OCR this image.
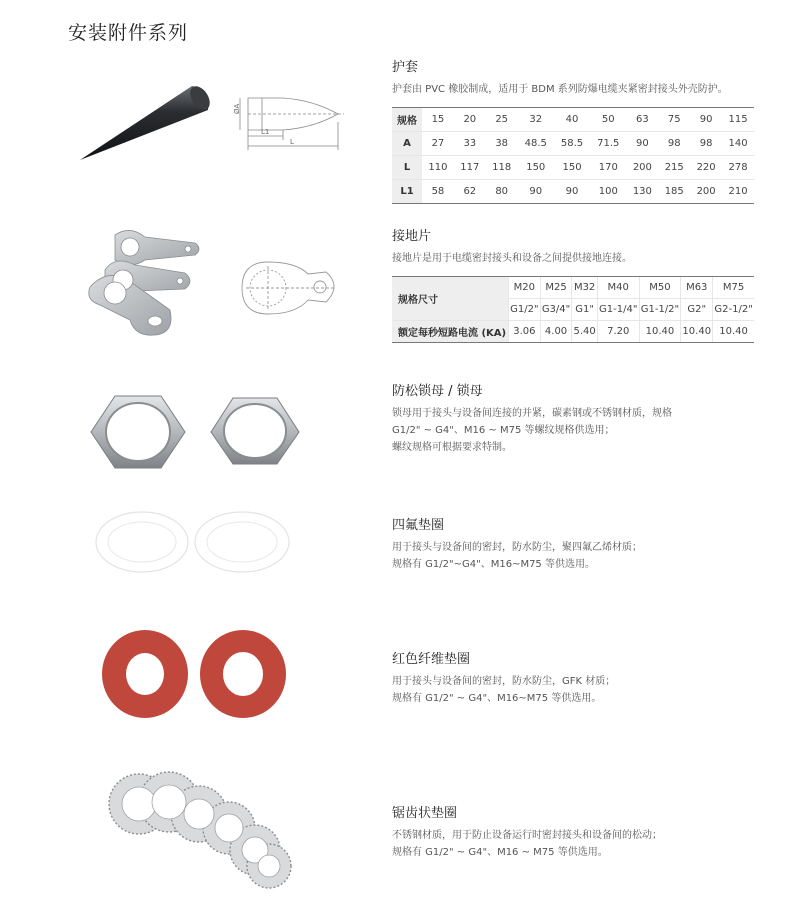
安装附件系列
ØA
L1
L
护套
护套由 PVC 橡胶制成，适用于 BDM 系列防爆电缆夹紧密封接头外壳防护。
规格	15	20	25	32	40	50	63	75	90	115
A	27	33	38	48.5	58.5	71.5	90	98	98	140
L	110	117	118	150	150	170	200	215	220	278
L1	58	62	80	90	90	100	130	185	200	210
接地片
接地片是用于电缆密封接头和设备之间提供接地连接。
规格尺寸	M20	M25	M32	M40	M50	M63	M75
	G1/2"	G3/4"	G1"	G1-1/4"	G1-1/2"	G2"	G2-1/2"
额定每秒短路电流 (KA)	3.06	4.00	5.40	7.20	10.40	10.40	10.40
防松锁母 / 锁母
锁母用于接头与设备间连接的并紧，碳素钢或不锈钢材质，规格
G1/2" ~ G4"、M16 ~ M75 等螺纹规格供选用；
螺纹规格可根据要求特制。
四氟垫圈
用于接头与设备间的密封，防水防尘，聚四氟乙烯材质；
规格有 G1/2"~G4"、M16~M75 等供选用。
红色纤维垫圈
用于接头与设备间的密封，防水防尘，GFK 材质；
规格有 G1/2" ~ G4"、M16~M75 等供选用。
锯齿状垫圈
不锈钢材质，用于防止设备运行时密封接头和设备间的松动；
规格有 G1/2" ~ G4"、M16 ~ M75 等供选用。
